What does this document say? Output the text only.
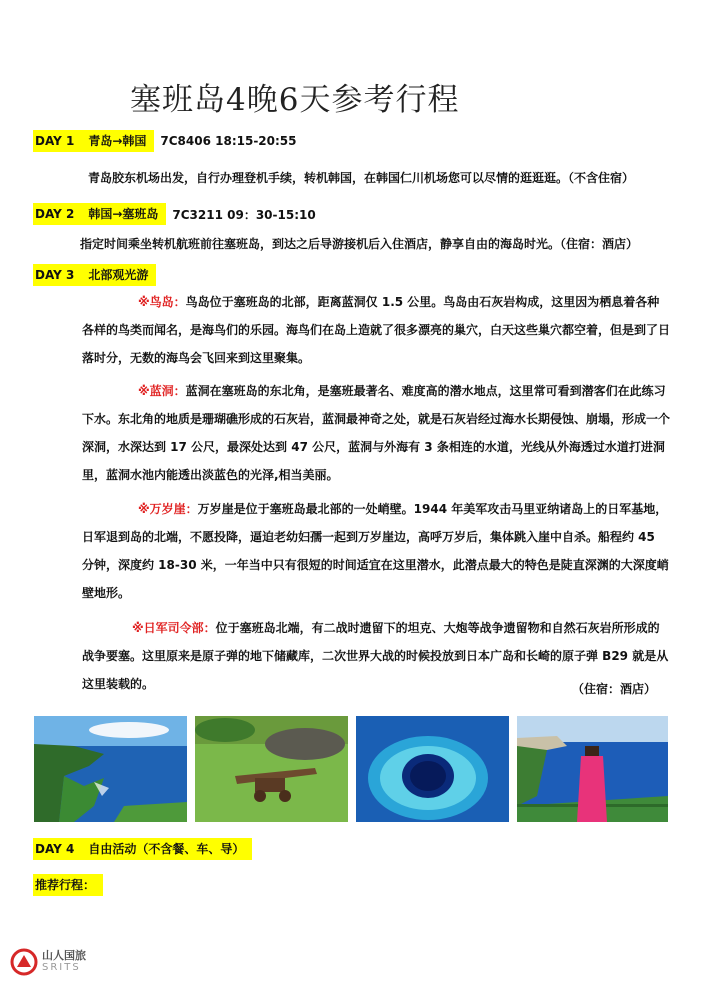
塞班岛4晚6天参考行程
DAY 1 青岛→韩国	7C8406 18:15-20:55

青岛胶东机场出发，自行办理登机手续，转机韩国，在韩国仁川机场您可以尽情的逛逛逛。（不含住宿）

DAY 2 韩国→塞班岛	7C3211 09：30-15:10

指定时间乘坐转机航班前往塞班岛，到达之后导游接机后入住酒店，静享自由的海岛时光。（住宿：酒店）

DAY 3 北部观光游

※鸟岛：鸟岛位于塞班岛的北部，距离蓝洞仅 1.5 公里。鸟岛由石灰岩构成，这里因为栖息着各种各样的鸟类而闻名，是海鸟们的乐园。海鸟们在岛上造就了很多漂亮的巢穴，白天这些巢穴都空着，但是到了日落时分，无数的海鸟会飞回来到这里聚集。

※蓝洞：蓝洞在塞班岛的东北角，是塞班最著名、难度高的潜水地点，这里常可看到潜客们在此练习下水。东北角的地质是珊瑚礁形成的石灰岩，蓝洞最神奇之处，就是石灰岩经过海水长期侵蚀、崩塌，形成一个深洞，水深达到 17 公尺，最深处达到 47 公尺，蓝洞与外海有 3 条相连的水道，光线从外海透过水道打进洞里，蓝洞水池内能透出淡蓝色的光泽,相当美丽。

※万岁崖：万岁崖是位于塞班岛最北部的一处峭壁。1944 年美军攻击马里亚纳诸岛上的日军基地，日军退到岛的北端，不愿投降，逼迫老幼妇孺一起到万岁崖边，高呼万岁后，集体跳入崖中自杀。船程约 45 分钟，深度约 18-30 米，一年当中只有很短的时间适宜在这里潜水，此潜点最大的特色是陡直深渊的大深度峭壁地形。

※日军司令部：位于塞班岛北端，有二战时遗留下的坦克、大炮等战争遗留物和自然石灰岩所形成的战争要塞。这里原来是原子弹的地下储藏库，二次世界大战的时候投放到日本广岛和长崎的原子弹 B29 就是从这里装载的。	（住宿：酒店）
DAY 4 自由活动（不含餐、车、导）
推荐行程：
山人国旅
SRITS
